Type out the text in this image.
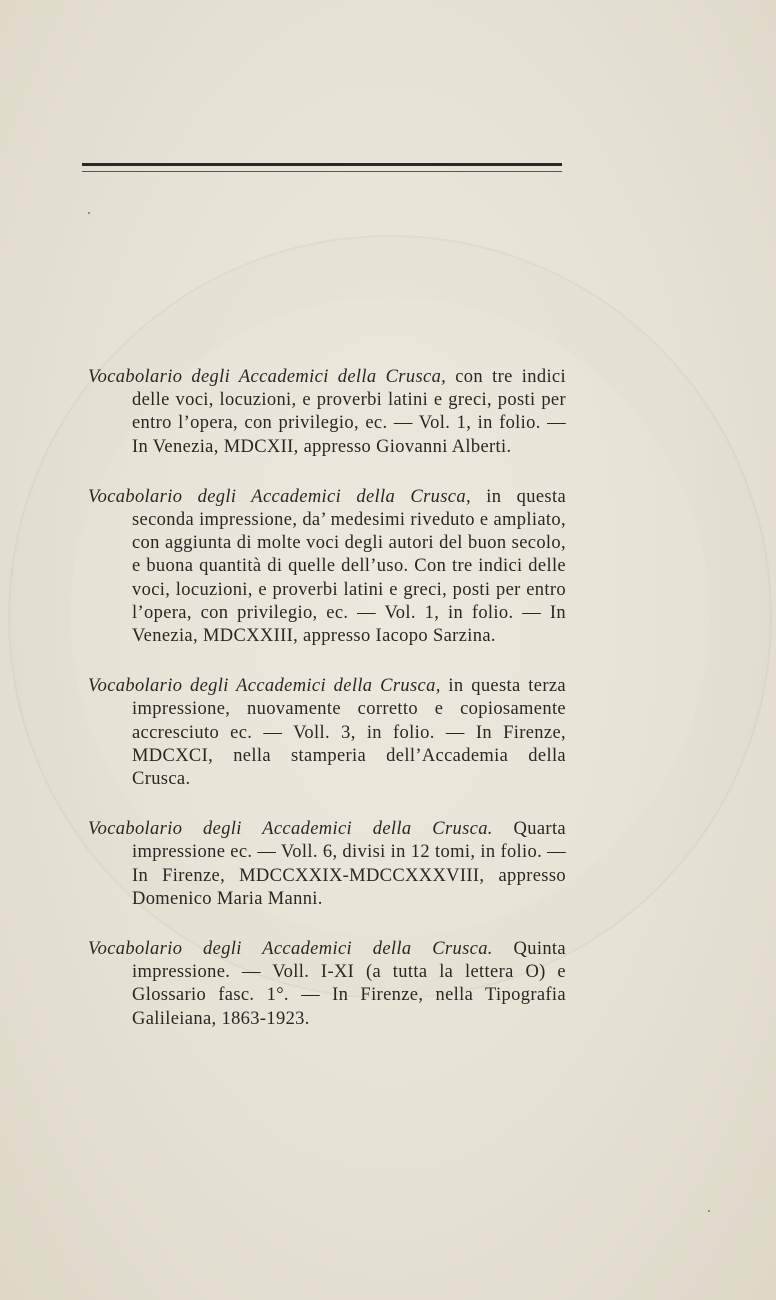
Vocabolario degli Accademici della Crusca, con tre indici delle voci, locuzioni, e proverbi latini e greci, posti per entro l’opera, con privilegio, ec. — Vol. 1, in folio. — In Venezia, MDCXII, appresso Giovanni Alberti.

Vocabolario degli Accademici della Crusca, in questa seconda impressione, da’ medesimi riveduto e ampliato, con aggiunta di molte voci degli autori del buon secolo, e buona quantità di quelle dell’uso. Con tre indici delle voci, locuzioni, e proverbi latini e greci, posti per entro l’opera, con privilegio, ec. — Vol. 1, in folio. — In Venezia, MDCXXIII, appresso Iacopo Sarzina.

Vocabolario degli Accademici della Crusca, in questa terza impressione, nuovamente corretto e copiosamente accresciuto ec. — Voll. 3, in folio. — In Firenze, MDCXCI, nella stamperia dell’Accademia della Crusca.

Vocabolario degli Accademici della Crusca. Quarta impressione ec. — Voll. 6, divisi in 12 tomi, in folio. — In Firenze, MDCCXXIX-MDCCXXXVIII, appresso Domenico Maria Manni.

Vocabolario degli Accademici della Crusca. Quinta impressione. — Voll. I-XI (a tutta la lettera O) e Glossario fasc. 1°. — In Firenze, nella Tipografia Galileiana, 1863-1923.
